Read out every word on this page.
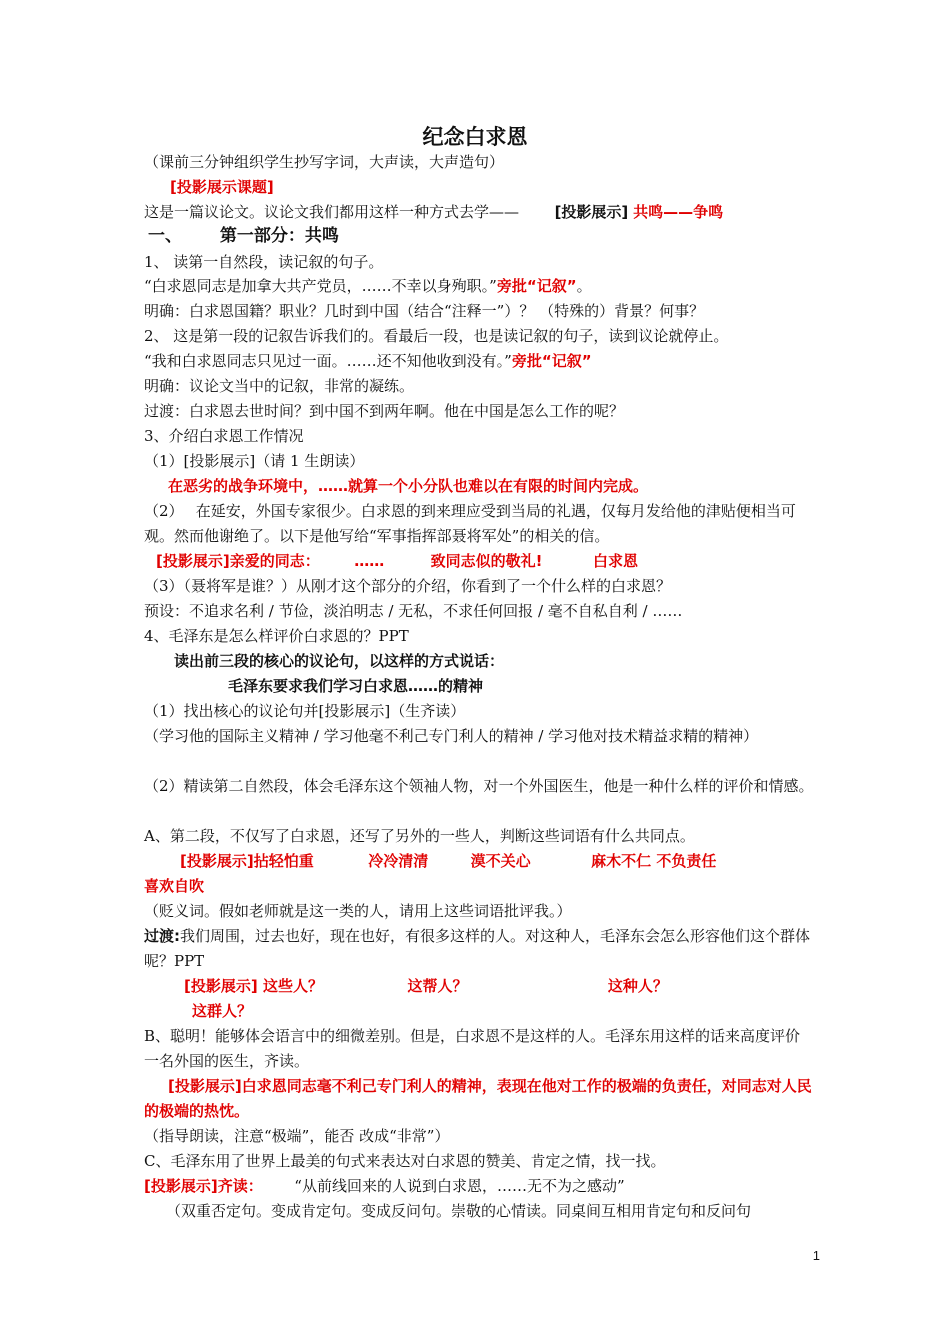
纪念白求恩
（课前三分钟组织学生抄写字词，大声读，大声造句）
[投影展示课题]
这是一篇议论文。议论文我们都用这样一种方式去学—— [投影展示] 共鸣——争鸣
一、 第一部分：共鸣
1、 读第一自然段，读记叙的句子。
“白求恩同志是加拿大共产党员，……不幸以身殉职。”旁批“记叙”。
明确：白求恩国籍？职业？几时到中国（结合“注释一”）？ （特殊的）背景？何事？
2、 这是第一段的记叙告诉我们的。看最后一段，也是读记叙的句子，读到议论就停止。
“我和白求恩同志只见过一面。……还不知他收到没有。”旁批“记叙”
明确：议论文当中的记叙，非常的凝练。
过渡：白求恩去世时间？到中国不到两年啊。他在中国是怎么工作的呢？
3、介绍白求恩工作情况
（1）[投影展示]（请 1 生朗读）
在恶劣的战争环境中，……就算一个小分队也难以在有限的时间内完成。
（2）　 在延安，外国专家很少。白求恩的到来理应受到当局的礼遇，仅每月发给他的津贴便相当可观。然而他谢绝了。以下是他写给“军事指挥部聂将军处”的相关的信。
[投影展示]亲爱的同志： ……	致同志似的敬礼!	白求恩
（3）（聂将军是谁？）从刚才这个部分的介绍，你看到了一个什么样的白求恩？
预设：不追求名利 / 节俭，淡泊明志 / 无私，不求任何回报 / 毫不自私自利 / ……
4、毛泽东是怎么样评价白求恩的？PPT
读出前三段的核心的议论句，以这样的方式说话：
毛泽东要求我们学习白求恩……的精神
（1）找出核心的议论句并[投影展示]（生齐读）
（学习他的国际主义精神 / 学习他毫不利己专门利人的精神 / 学习他对技术精益求精的精神）
（2）精读第二自然段，体会毛泽东这个领袖人物，对一个外国医生，他是一种什么样的评价和情感。
A、第二段，不仅写了白求恩，还写了另外的一些人，判断这些词语有什么共同点。
[投影展示]拈轻怕重	冷冷清清	漠不关心	麻木不仁 不负责任
喜欢自吹
（贬义词。假如老师就是这一类的人，请用上这些词语批评我。）
过渡:我们周围，过去也好，现在也好，有很多这样的人。对这种人，毛泽东会怎么形容他们这个群体呢？PPT
[投影展示] 这些人？	这帮人？	这种人？
这群人？
B、聪明！能够体会语言中的细微差别。但是，白求恩不是这样的人。毛泽东用这样的话来高度评价一名外国的医生，齐读。
[投影展示]白求恩同志毫不利己专门利人的精神，表现在他对工作的极端的负责任，对同志对人民的极端的热忱。
（指导朗读，注意“极端”，能否 改成“非常”）
C、毛泽东用了世界上最美的句式来表达对白求恩的赞美、肯定之情，找一找。
[投影展示]齐读： “从前线回来的人说到白求恩，……无不为之感动”
（双重否定句。变成肯定句。变成反问句。崇敬的心情读。同桌间互相用肯定句和反问句
1
